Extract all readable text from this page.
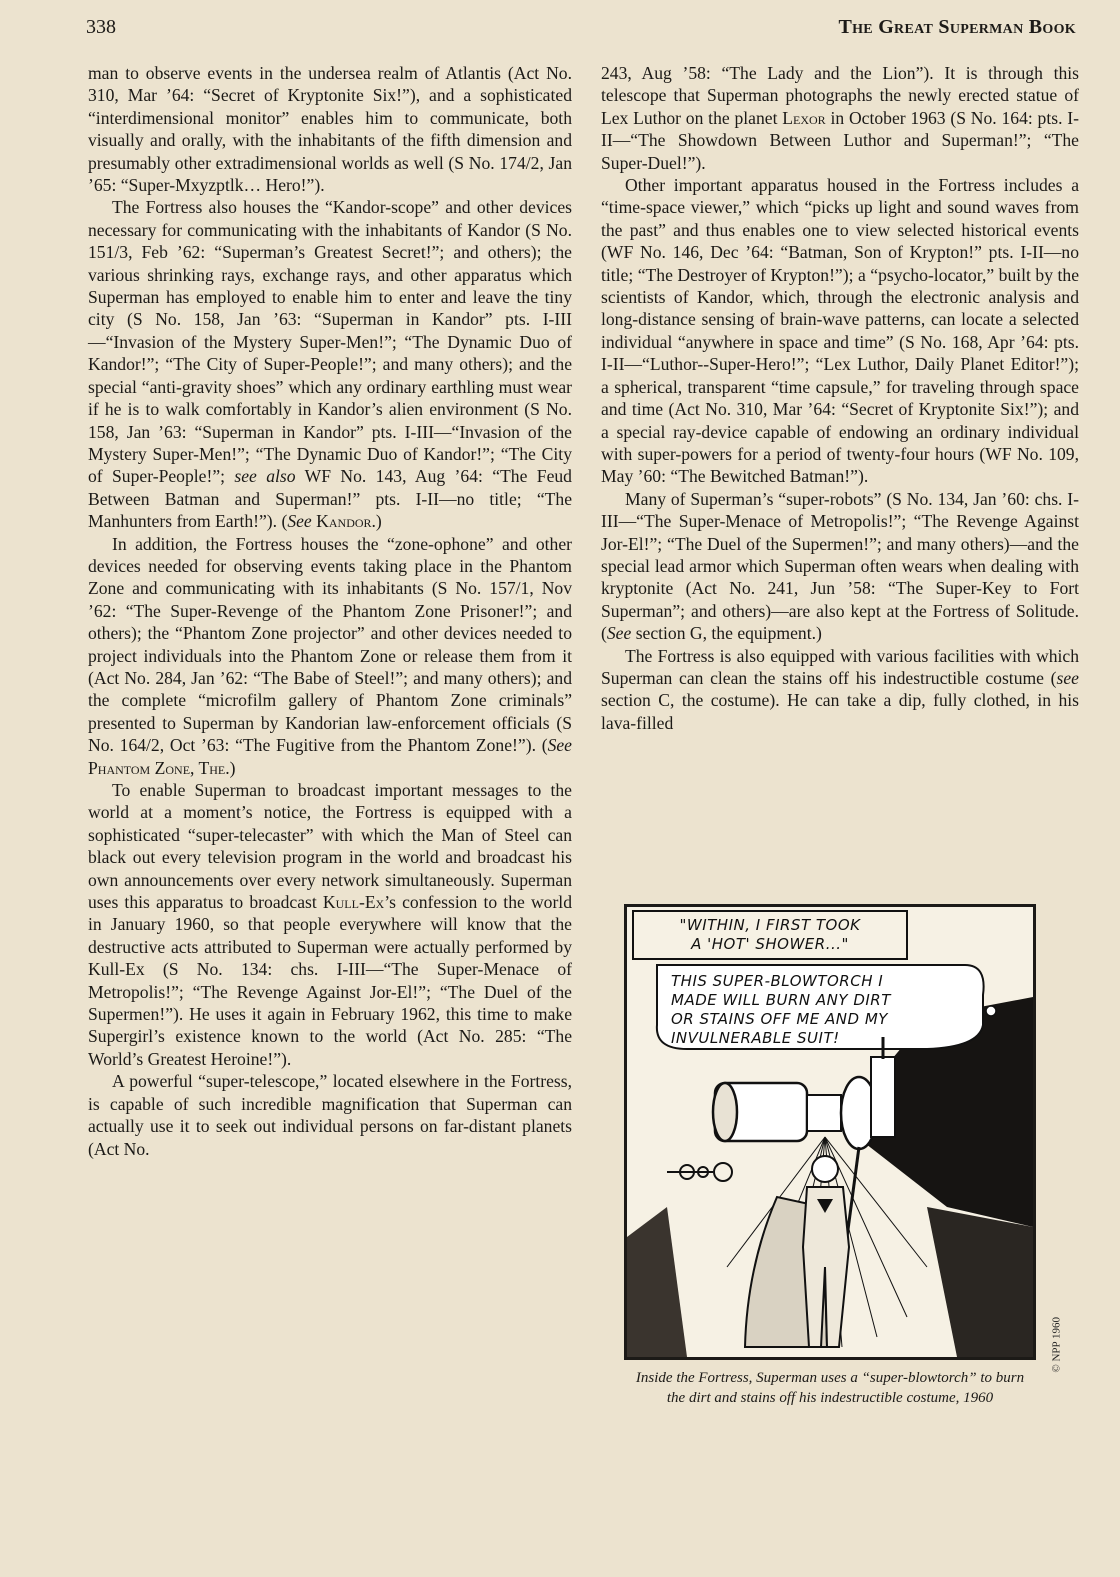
338	The Great Superman Book

man to observe events in the undersea realm of Atlantis (Act No. 310, Mar ’64: “Secret of Kryptonite Six!”), and a sophisticated “interdimensional monitor” enables him to communicate, both visually and orally, with the inhabitants of the fifth dimension and presumably other extradimensional worlds as well (S No. 174/2, Jan ’65: “Super-Mxyzptlk… Hero!”).

The Fortress also houses the “Kandor-scope” and other devices necessary for communicating with the inhabitants of Kandor (S No. 151/3, Feb ’62: “Superman’s Greatest Secret!”; and others); the various shrinking rays, exchange rays, and other apparatus which Superman has employed to enable him to enter and leave the tiny city (S No. 158, Jan ’63: “Superman in Kandor” pts. I-III—“Invasion of the Mystery Super-Men!”; “The Dynamic Duo of Kandor!”; “The City of Super-People!”; and many others); and the special “anti-gravity shoes” which any ordinary earthling must wear if he is to walk comfortably in Kandor’s alien environment (S No. 158, Jan ’63: “Superman in Kandor” pts. I-III—“Invasion of the Mystery Super-Men!”; “The Dynamic Duo of Kandor!”; “The City of Super-People!”; see also WF No. 143, Aug ’64: “The Feud Between Batman and Superman!” pts. I-II—no title; “The Manhunters from Earth!”). (See Kandor.)

In addition, the Fortress houses the “zone-ophone” and other devices needed for observing events taking place in the Phantom Zone and communicating with its inhabitants (S No. 157/1, Nov ’62: “The Super-Revenge of the Phantom Zone Prisoner!”; and others); the “Phantom Zone projector” and other devices needed to project individuals into the Phantom Zone or release them from it (Act No. 284, Jan ’62: “The Babe of Steel!”; and many others); and the complete “microfilm gallery of Phantom Zone criminals” presented to Superman by Kandorian law-enforcement officials (S No. 164/2, Oct ’63: “The Fugitive from the Phantom Zone!”). (See Phantom Zone, The.)

To enable Superman to broadcast important messages to the world at a moment’s notice, the Fortress is equipped with a sophisticated “super-telecaster” with which the Man of Steel can black out every television program in the world and broadcast his own announcements over every network simultaneously. Superman uses this apparatus to broadcast Kull-Ex’s confession to the world in January 1960, so that people everywhere will know that the destructive acts attributed to Superman were actually performed by Kull-Ex (S No. 134: chs. I-III—“The Super-Menace of Metropolis!”; “The Revenge Against Jor-El!”; “The Duel of the Supermen!”). He uses it again in February 1962, this time to make Supergirl’s existence known to the world (Act No. 285: “The World’s Greatest Heroine!”).

A powerful “super-telescope,” located elsewhere in the Fortress, is capable of such incredible magnification that Superman can actually use it to seek out individual persons on far-distant planets (Act No.

243, Aug ’58: “The Lady and the Lion”). It is through this telescope that Superman photographs the newly erected statue of Lex Luthor on the planet Lexor in October 1963 (S No. 164: pts. I-II—“The Showdown Between Luthor and Superman!”; “The Super-Duel!”).

Other important apparatus housed in the Fortress includes a “time-space viewer,” which “picks up light and sound waves from the past” and thus enables one to view selected historical events (WF No. 146, Dec ’64: “Batman, Son of Krypton!” pts. I-II—no title; “The Destroyer of Krypton!”); a “psycho-locator,” built by the scientists of Kandor, which, through the electronic analysis and long-distance sensing of brain-wave patterns, can locate a selected individual “anywhere in space and time” (S No. 168, Apr ’64: pts. I-II—“Luthor--Super-Hero!”; “Lex Luthor, Daily Planet Editor!”); a spherical, transparent “time capsule,” for traveling through space and time (Act No. 310, Mar ’64: “Secret of Kryptonite Six!”); and a special ray-device capable of endowing an ordinary individual with super-powers for a period of twenty-four hours (WF No. 109, May ’60: “The Bewitched Batman!”).

Many of Superman’s “super-robots” (S No. 134, Jan ’60: chs. I-III—“The Super-Menace of Metropolis!”; “The Revenge Against Jor-El!”; “The Duel of the Supermen!”; and many others)—and the special lead armor which Superman often wears when dealing with kryptonite (Act No. 241, Jun ’58: “The Super-Key to Fort Superman”; and others)—are also kept at the Fortress of Solitude. (See section G, the equipment.)

The Fortress is also equipped with various facilities with which Superman can clean the stains off his indestructible costume (see section C, the costume). He can take a dip, fully clothed, in his lava-filled

"WITHIN, I FIRST TOOK
A 'HOT' SHOWER..."
THIS SUPER-BLOWTORCH I
MADE WILL BURN ANY DIRT
OR STAINS OFF ME AND MY
INVULNERABLE SUIT!
© NPP 1960
Inside the Fortress, Superman uses a “super-blowtorch” to burn the dirt and stains off his indestructible costume, 1960
